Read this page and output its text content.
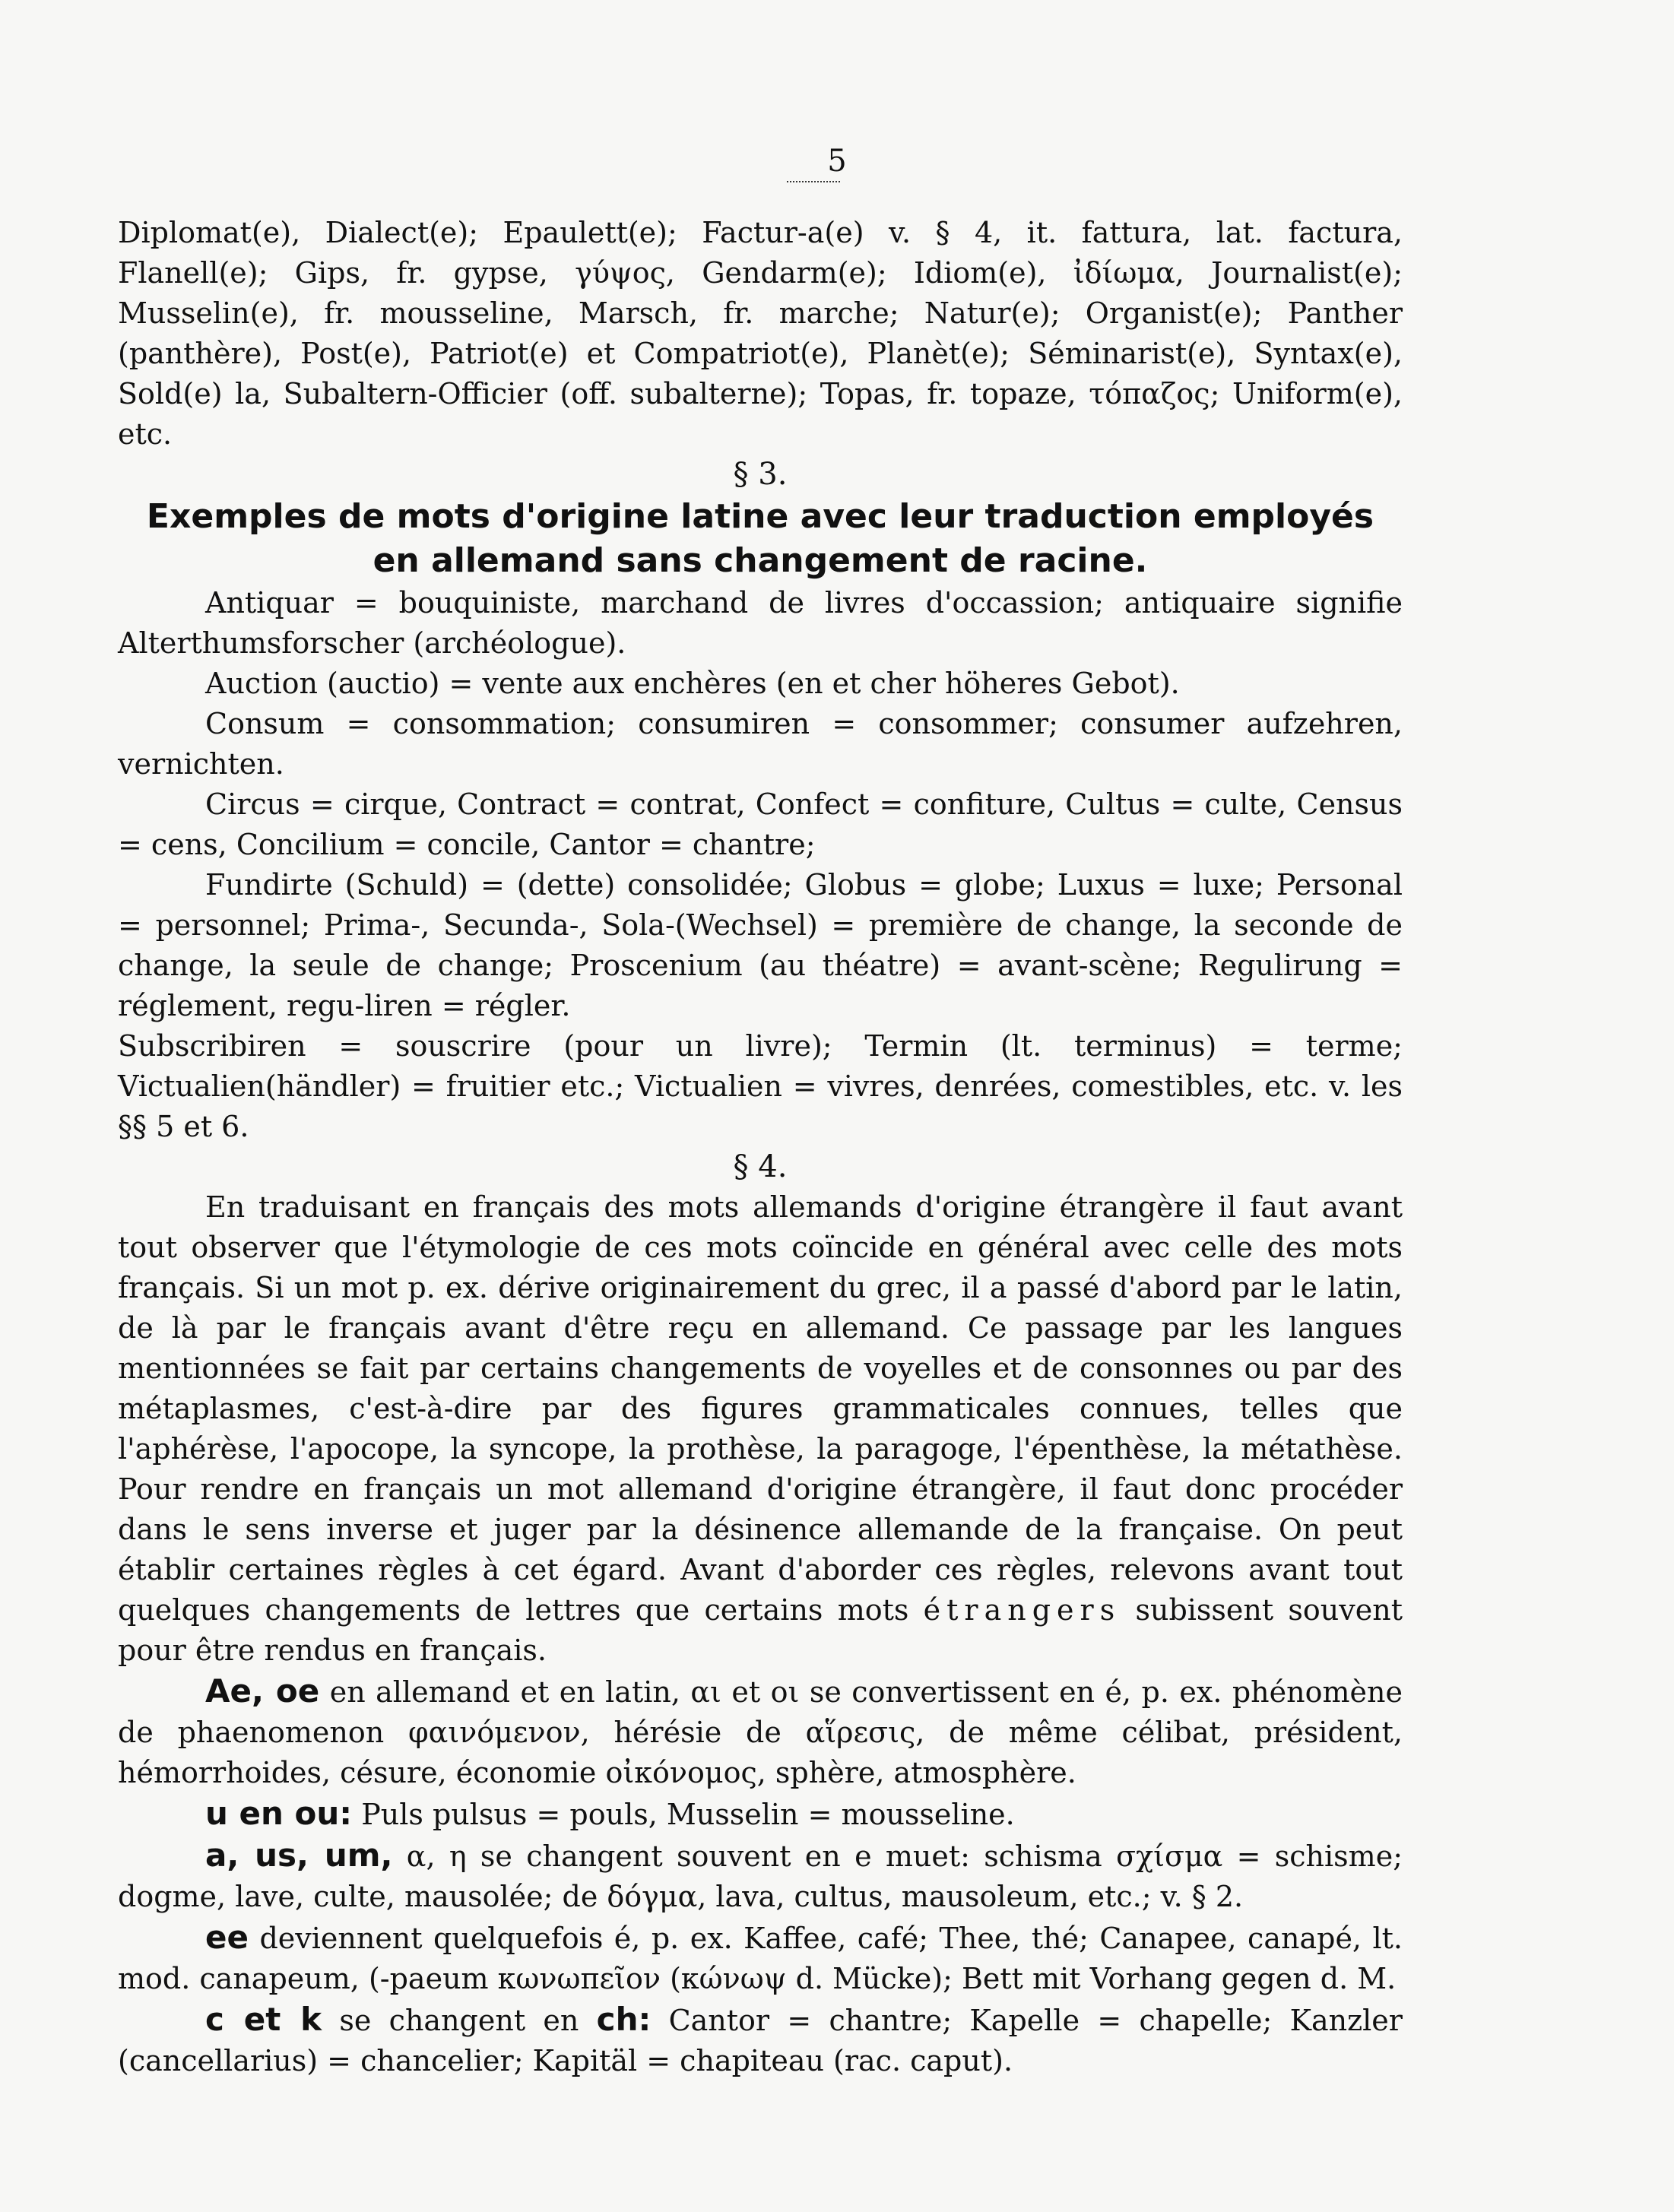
5

Diplomat(e), Dialect(e); Epaulett(e); Factur-a(e) v. § 4, it. fattura, lat. factura, Flanell(e); Gips, fr. gypse, γύψος, Gendarm(e); Idiom(e), ἰδίωμα, Journalist(e); Musselin(e), fr. mousseline, Marsch, fr. marche; Natur(e); Organist(e); Panther (panthère), Post(e), Patriot(e) et Compatriot(e), Planèt(e); Séminarist(e), Syntax(e), Sold(e) la, Subaltern-Officier (off. subalterne); Topas, fr. topaze, τόπαζος; Uniform(e), etc.

§ 3.

Exemples de mots d'origine latine avec leur traduction employés en allemand sans changement de racine.

Antiquar = bouquiniste, marchand de livres d'occassion; antiquaire signifie Alterthumsforscher (archéologue).

Auction (auctio) = vente aux enchères (en et cher höheres Gebot).

Consum = consommation; consumiren = consommer; consumer aufzehren, vernichten.

Circus = cirque, Contract = contrat, Confect = confiture, Cultus = culte, Census = cens, Concilium = concile, Cantor = chantre;

Fundirte (Schuld) = (dette) consolidée; Globus = globe; Luxus = luxe; Personal = personnel; Prima-, Secunda-, Sola-(Wechsel) = première de change, la seconde de change, la seule de change; Proscenium (au théatre) = avant-scène; Regulirung = réglement, regu-liren = régler.

Subscribiren = souscrire (pour un livre); Termin (lt. terminus) = terme; Victualien(händler) = fruitier etc.; Victualien = vivres, denrées, comestibles, etc. v. les §§ 5 et 6.

§ 4.

En traduisant en français des mots allemands d'origine étrangère il faut avant tout observer que l'étymologie de ces mots coïncide en général avec celle des mots français. Si un mot p. ex. dérive originairement du grec, il a passé d'abord par le latin, de là par le français avant d'être reçu en allemand. Ce passage par les langues mentionnées se fait par certains changements de voyelles et de consonnes ou par des métaplasmes, c'est-à-dire par des figures grammaticales connues, telles que l'aphérèse, l'apocope, la syncope, la prothèse, la paragoge, l'épenthèse, la métathèse. Pour rendre en français un mot allemand d'origine étrangère, il faut donc procéder dans le sens inverse et juger par la désinence allemande de la française. On peut établir certaines règles à cet égard. Avant d'aborder ces règles, relevons avant tout quelques changements de lettres que certains mots étrangers subissent souvent pour être rendus en français.

Ae, oe en allemand et en latin, αι et οι se convertissent en é, p. ex. phénomène de phaenomenon φαινόμενον, hérésie de αἵρεσις, de même célibat, président, hémorrhoides, césure, économie οἰκόνομος, sphère, atmosphère.

u en ou: Puls pulsus = pouls, Musselin = mousseline.

a, us, um, α, η se changent souvent en e muet: schisma σχίσμα = schisme; dogme, lave, culte, mausolée; de δόγμα, lava, cultus, mausoleum, etc.; v. § 2.

ee deviennent quelquefois é, p. ex. Kaffee, café; Thee, thé; Canapee, canapé, lt. mod. canapeum, (-paeum κωνωπεῖον (κώνωψ d. Mücke); Bett mit Vorhang gegen d. M.

c et k se changent en ch: Cantor = chantre; Kapelle = chapelle; Kanzler (cancellarius) = chancelier; Kapitäl = chapiteau (rac. caput).
